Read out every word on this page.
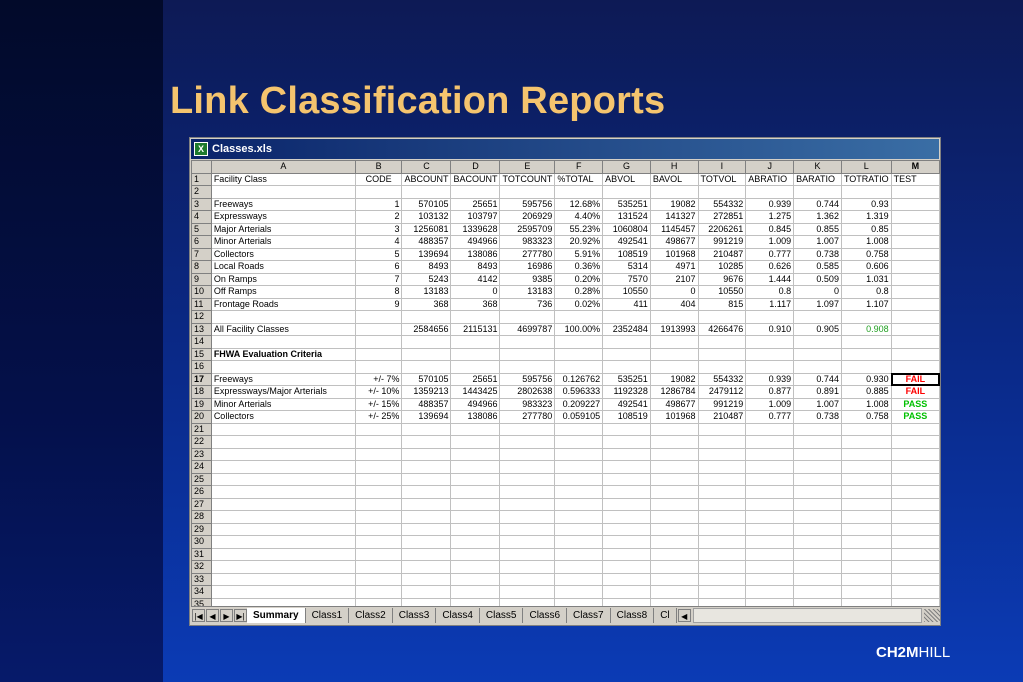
Link Classification Reports
X Classes.xls
	A	B	C	D	E	F	G	H	I	J	K	L	M
1	Facility Class	CODE	ABCOUNT	BACOUNT	TOTCOUNT	%TOTAL	ABVOL	BAVOL	TOTVOL	ABRATIO	BARATIO	TOTRATIO	TEST
2													
3	Freeways	1	570105	25651	595756	12.68%	535251	19082	554332	0.939	0.744	0.93	
4	Expressways	2	103132	103797	206929	4.40%	131524	141327	272851	1.275	1.362	1.319	
5	Major Arterials	3	1256081	1339628	2595709	55.23%	1060804	1145457	2206261	0.845	0.855	0.85	
6	Minor Arterials	4	488357	494966	983323	20.92%	492541	498677	991219	1.009	1.007	1.008	
7	Collectors	5	139694	138086	277780	5.91%	108519	101968	210487	0.777	0.738	0.758	
8	Local Roads	6	8493	8493	16986	0.36%	5314	4971	10285	0.626	0.585	0.606	
9	On Ramps	7	5243	4142	9385	0.20%	7570	2107	9676	1.444	0.509	1.031	
10	Off Ramps	8	13183	0	13183	0.28%	10550	0	10550	0.8	0	0.8	
11	Frontage Roads	9	368	368	736	0.02%	411	404	815	1.117	1.097	1.107	
12													
13	All Facility Classes		2584656	2115131	4699787	100.00%	2352484	1913993	4266476	0.910	0.905	0.908	
14													
15	FHWA Evaluation Criteria												
16													
17	Freeways	+/- 7%	570105	25651	595756	0.126762	535251	19082	554332	0.939	0.744	0.930	FAIL
18	Expressways/Major Arterials	+/- 10%	1359213	1443425	2802638	0.596333	1192328	1286784	2479112	0.877	0.891	0.885	FAIL
19	Minor Arterials	+/- 15%	488357	494966	983323	0.209227	492541	498677	991219	1.009	1.007	1.008	PASS
20	Collectors	+/- 25%	139694	138086	277780	0.059105	108519	101968	210487	0.777	0.738	0.758	PASS
21													
22													
23													
24													
25													
26													
27													
28													
29													
30													
31													
32													
33													
34													
35													
|◀ ◀ ▶ ▶| Summary	Class1	Class2	Class3	Class4	Class5	Class6	Class7	Class8	Cl	◀
CH2MHILL
